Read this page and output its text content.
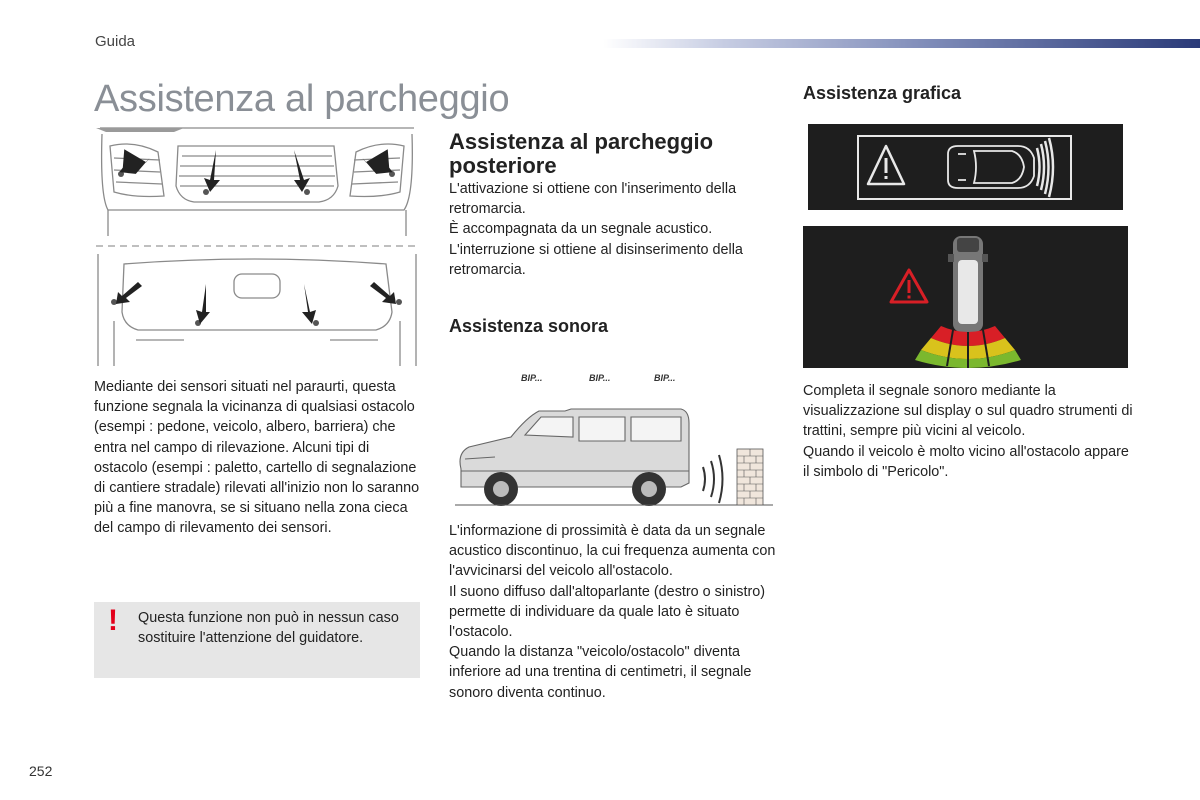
Guida
Assistenza al parcheggio
Mediante dei sensori situati nel paraurti, questa funzione segnala la vicinanza di qualsiasi ostacolo (esempi : pedone, veicolo, albero, barriera) che entra nel campo di rilevazione. Alcuni tipi di ostacolo (esempi : paletto, cartello di segnalazione di cantiere stradale) rilevati all'inizio non lo saranno più a fine manovra, se si situano nella zona cieca del campo di rilevamento dei sensori.
! Questa funzione non può in nessun caso sostituire l'attenzione del guidatore.
Assistenza al parcheggio
posteriore

L'attivazione si ottiene con l'inserimento della retromarcia.

È accompagnata da un segnale acustico.

L'interruzione si ottiene al disinserimento della retromarcia.

Assistenza sonora
BIP...	BIP...	BIP...

L'informazione di prossimità è data da un segnale acustico discontinuo, la cui frequenza aumenta con l'avvicinarsi del veicolo all'ostacolo.

Il suono diffuso dall'altoparlante (destro o sinistro) permette di individuare da quale lato è situato l'ostacolo.

Quando la distanza "veicolo/ostacolo" diventa inferiore ad una trentina di centimetri, il segnale sonoro diventa continuo.

Assistenza grafica

Completa il segnale sonoro mediante la visualizzazione sul display o sul quadro strumenti di trattini, sempre più vicini al veicolo.

Quando il veicolo è molto vicino all'ostacolo appare il simbolo di "Pericolo".

252
